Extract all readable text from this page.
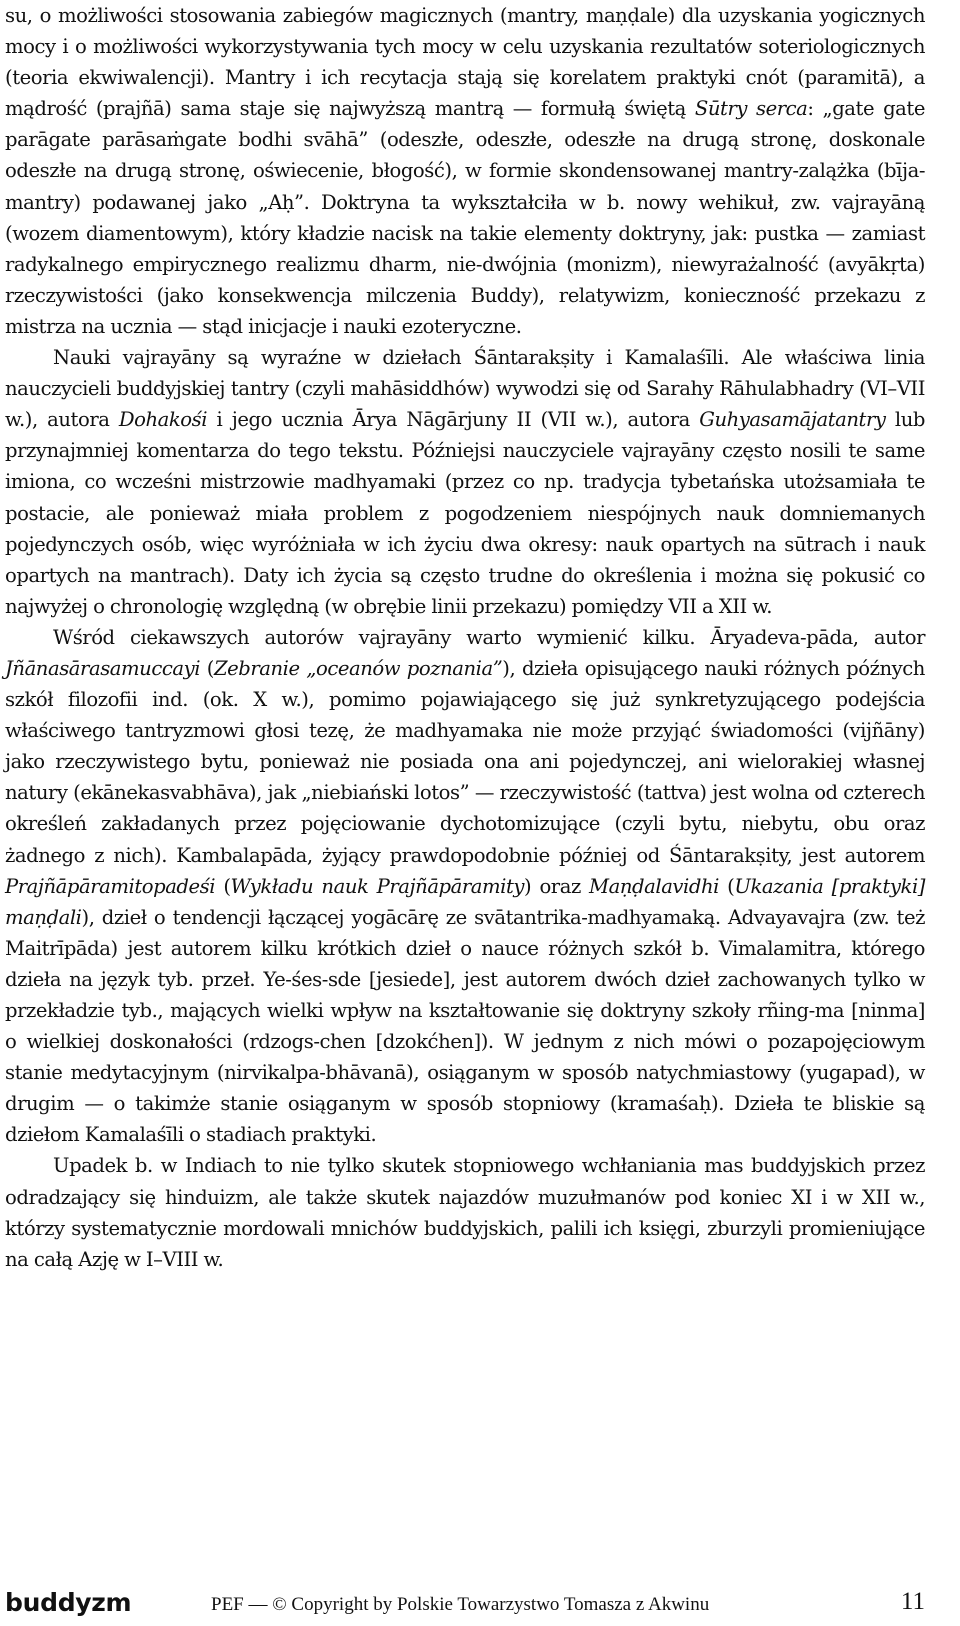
su, o możliwości stosowania zabiegów magicznych (mantry, maṇḍale) dla uzyskania yogicznych mocy i o możliwości wykorzystywania tych mocy w celu uzyskania rezultatów soteriologicznych (teoria ekwiwalencji). Mantry i ich recytacja stają się korelatem praktyki cnót (paramitā), a mądrość (prajñā) sama staje się najwyższą mantrą — formułą świętą Sūtry serca: „gate gate parāgate parāsaṁgate bodhi svāhā” (odeszłe, odeszłe, odeszłe na drugą stronę, doskonale odeszłe na drugą stronę, oświecenie, błogość), w formie skondensowanej mantry-zalążka (bīja-mantry) podawanej jako „Aḥ”. Doktryna ta wykształciła w b. nowy wehikuł, zw. vajrayāną (wozem diamentowym), który kładzie nacisk na takie elementy doktryny, jak: pustka — zamiast radykalnego empirycznego realizmu dharm, nie-dwójnia (monizm), niewyrażalność (avyākṛta) rzeczywistości (jako konsekwencja milczenia Buddy), relatywizm, konieczność przekazu z mistrza na ucznia — stąd inicjacje i nauki ezoteryczne.

Nauki vajrayāny są wyraźne w dziełach Śāntarakṣity i Kamalaśīli. Ale właściwa linia nauczycieli buddyjskiej tantry (czyli mahāsiddhów) wywodzi się od Sarahy Rāhulabhadry (VI–VII w.), autora Dohakośi i jego ucznia Ārya Nāgārjuny II (VII w.), autora Guhyasamājatantry lub przynajmniej komentarza do tego tekstu. Późniejsi nauczyciele vajrayāny często nosili te same imiona, co wcześni mistrzowie madhyamaki (przez co np. tradycja tybetańska utożsamiała te postacie, ale ponieważ miała problem z pogodzeniem niespójnych nauk domniemanych pojedynczych osób, więc wyróżniała w ich życiu dwa okresy: nauk opartych na sūtrach i nauk opartych na mantrach). Daty ich życia są często trudne do określenia i można się pokusić co najwyżej o chronologię względną (w obrębie linii przekazu) pomiędzy VII a XII w.

Wśród ciekawszych autorów vajrayāny warto wymienić kilku. Āryadeva-pāda, autor Jñānasārasamuccayi (Zebranie „oceanów poznania”), dzieła opisującego nauki różnych późnych szkół filozofii ind. (ok. X w.), pomimo pojawiającego się już synkretyzującego podejścia właściwego tantryzmowi głosi tezę, że madhyamaka nie może przyjąć świadomości (vijñāny) jako rzeczywistego bytu, ponieważ nie posiada ona ani pojedynczej, ani wielorakiej własnej natury (ekānekasvabhāva), jak „niebiański lotos” — rzeczywistość (tattva) jest wolna od czterech określeń zakładanych przez pojęciowanie dychotomizujące (czyli bytu, niebytu, obu oraz żadnego z nich). Kambalapāda, żyjący prawdopodobnie później od Śāntarakṣity, jest autorem Prajñāpāramitopadeśi (Wykładu nauk Prajñāpāramity) oraz Maṇḍalavidhi (Ukazania [praktyki] maṇḍali), dzieł o tendencji łączącej yogācārę ze svātantrika-madhyamaką. Advayavajra (zw. też Maitrīpāda) jest autorem kilku krótkich dzieł o nauce różnych szkół b. Vimalamitra, którego dzieła na język tyb. przeł. Ye-śes-sde [jesiede], jest autorem dwóch dzieł zachowanych tylko w przekładzie tyb., mających wielki wpływ na kształtowanie się doktryny szkoły rñing-ma [ninma] o wielkiej doskonałości (rdzogs-chen [dzokćhen]). W jednym z nich mówi o pozapojęciowym stanie medytacyjnym (nirvikalpa-bhāvanā), osiąganym w sposób natychmiastowy (yugapad), w drugim — o takimże stanie osiąganym w sposób stopniowy (kramaśaḥ). Dzieła te bliskie są dziełom Kamalaśīli o stadiach praktyki.

Upadek b. w Indiach to nie tylko skutek stopniowego wchłaniania mas buddyjskich przez odradzający się hinduizm, ale także skutek najazdów muzułmanów pod koniec XI i w XII w., którzy systematycznie mordowali mnichów buddyjskich, palili ich księgi, zburzyli promieniujące na całą Azję w I–VIII w.

buddyzm	PEF — © Copyright by Polskie Towarzystwo Tomasza z Akwinu	11
